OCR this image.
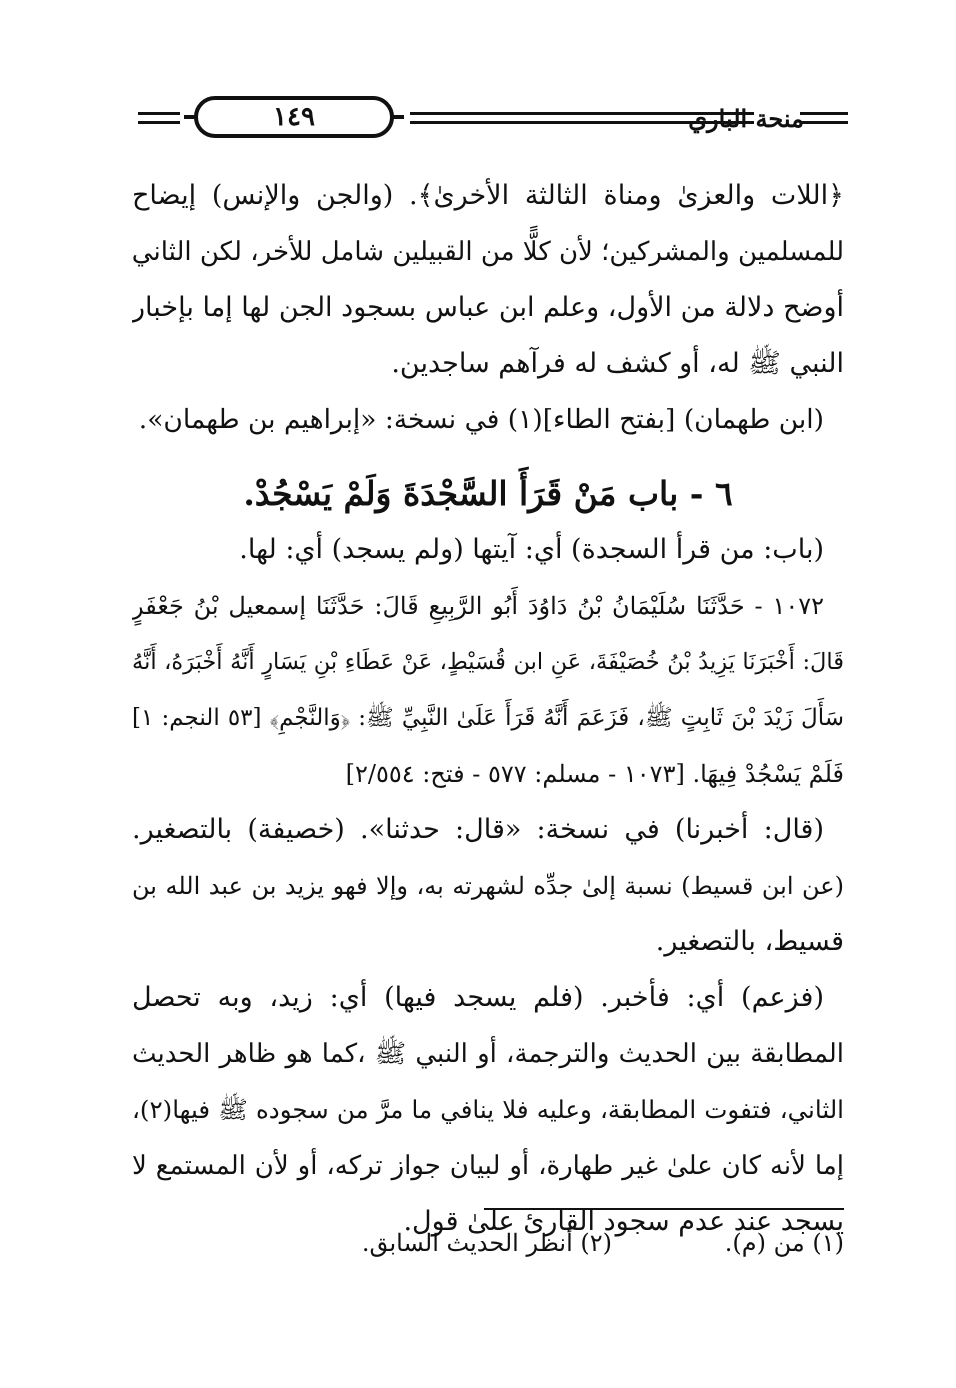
١٤٩	منحة الباري
﴿اللات والعزىٰ ومناة الثالثة الأخرىٰ﴾. (والجن والإنس) إيضاح
للمسلمين والمشركين؛ لأن كلًّا من القبيلين شامل للأخر، لكن الثاني
أوضح دلالة من الأول، وعلم ابن عباس بسجود الجن لها إما بإخبار
النبي ﷺ له، أو كشف له فرآهم ساجدين.
(ابن طهمان) [بفتح الطاء](١) في نسخة: «إبراهيم بن طهمان».
٦ - باب مَنْ قَرَأَ السَّجْدَةَ وَلَمْ يَسْجُدْ.
(باب: من قرأ السجدة) أي: آيتها (ولم يسجد) أي: لها.
١٠٧٢ - حَدَّثَنَا سُلَيْمَانُ بْنُ دَاوُدَ أَبُو الرَّبِيعِ قَالَ: حَدَّثَنَا إسمعيل بْنُ جَعْفَرٍ
قَالَ: أَخْبَرَنَا يَزِيدُ بْنُ خُصَيْفَةَ، عَنِ ابن قُسَيْطٍ، عَنْ عَطَاءِ بْنِ يَسَارٍ أَنَّهُ أَخْبَرَهُ، أَنَّهُ
سَأَلَ زَيْدَ بْنَ ثَابِتٍ ﷺ، فَزَعَمَ أَنَّهُ قَرَأَ عَلَىٰ النَّبِيِّ ﷺ: ﴿وَالنَّجْمِ﴾ [٥٣ النجم: ١]
فَلَمْ يَسْجُدْ فِيهَا. [١٠٧٣ - مسلم: ٥٧٧ - فتح: ٢/٥٥٤]
(قال: أخبرنا) في نسخة: «قال: حدثنا». (خصيفة) بالتصغير.
(عن ابن قسيط) نسبة إلىٰ جدِّه لشهرته به، وإلا فهو يزيد بن عبد الله بن
قسيط، بالتصغير.
(فزعم) أي: فأخبر. (فلم يسجد فيها) أي: زيد، وبه تحصل
المطابقة بين الحديث والترجمة، أو النبي ﷺ ،كما هو ظاهر الحديث
الثاني، فتفوت المطابقة، وعليه فلا ينافي ما مرَّ من سجوده ﷺ فيها(٢)،
إما لأنه كان علىٰ غير طهارة، أو لبيان جواز تركه، أو لأن المستمع لا
يسجد عند عدم سجود القارئ علىٰ قول.
(١) من (م).
(٢) أنظر الحديث السابق.
